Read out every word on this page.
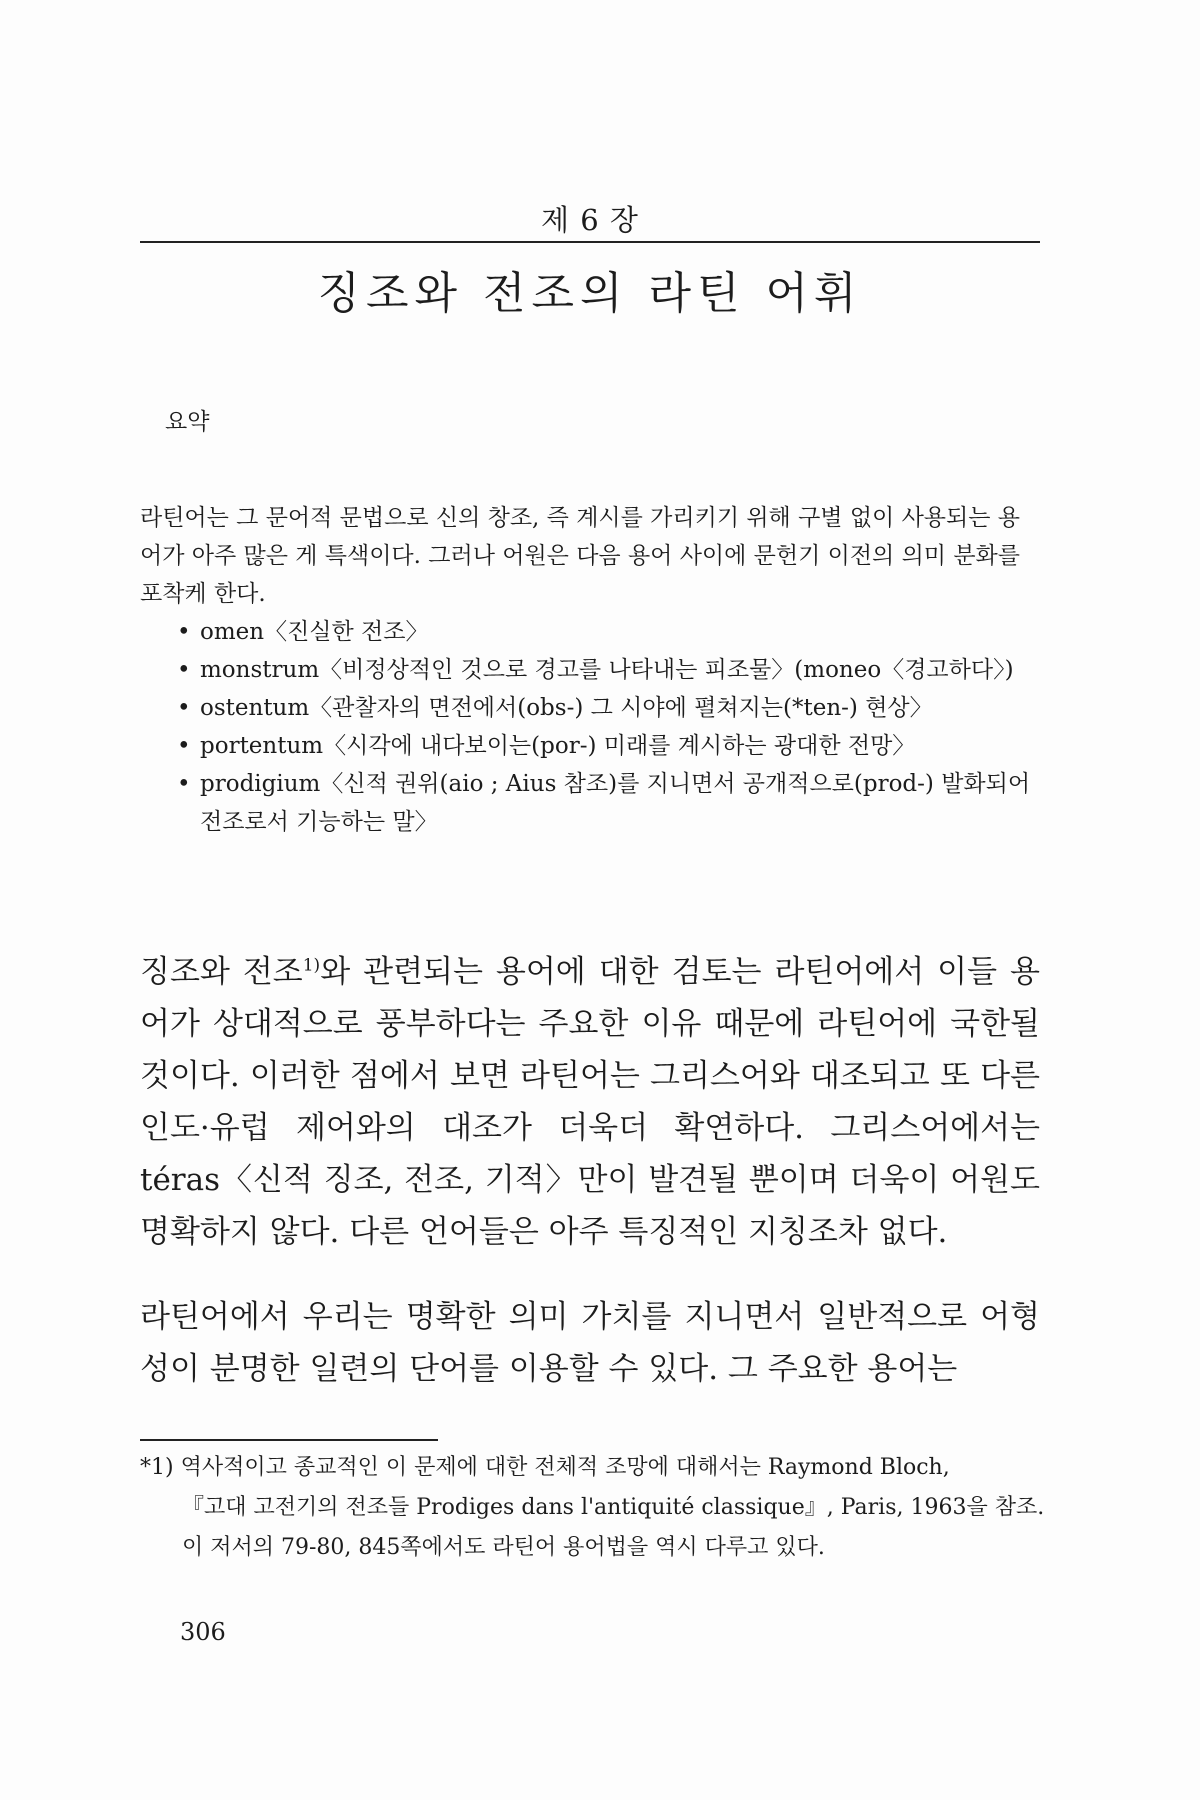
제 6 장
징조와 전조의 라틴 어휘
요약

라틴어는 그 문어적 문법으로 신의 창조, 즉 계시를 가리키기 위해 구별 없이 사용되는 용어가 아주 많은 게 특색이다. 그러나 어원은 다음 용어 사이에 문헌기 이전의 의미 분화를 포착케 한다.

• omen〈진실한 전조〉
• monstrum〈비정상적인 것으로 경고를 나타내는 피조물〉(moneo〈경고하다〉)
• ostentum〈관찰자의 면전에서(obs-) 그 시야에 펼쳐지는(*ten-) 현상〉
• portentum〈시각에 내다보이는(por-) 미래를 계시하는 광대한 전망〉
• prodigium〈신적 권위(aio ; Aius 참조)를 지니면서 공개적으로(prod-) 발화되어 전조로서 기능하는 말〉

징조와 전조$^{1)}$와 관련되는 용어에 대한 검토는 라틴어에서 이들 용어가 상대적으로 풍부하다는 주요한 이유 때문에 라틴어에 국한될 것이다. 이러한 점에서 보면 라틴어는 그리스어와 대조되고 또 다른 인도·유럽 제어와의 대조가 더욱더 확연하다. 그리스어에서는 téras〈신적 징조, 전조, 기적〉만이 발견될 뿐이며 더욱이 어원도 명확하지 않다. 다른 언어들은 아주 특징적인 지칭조차 없다.

라틴어에서 우리는 명확한 의미 가치를 지니면서 일반적으로 어형성이 분명한 일련의 단어를 이용할 수 있다. 그 주요한 용어는

*1) 역사적이고 종교적인 이 문제에 대한 전체적 조망에 대해서는 Raymond Bloch,
『고대 고전기의 전조들 Prodiges dans l'antiquité classique』, Paris, 1963을 참조.
이 저서의 79-80, 845쪽에서도 라틴어 용어법을 역시 다루고 있다.

306
